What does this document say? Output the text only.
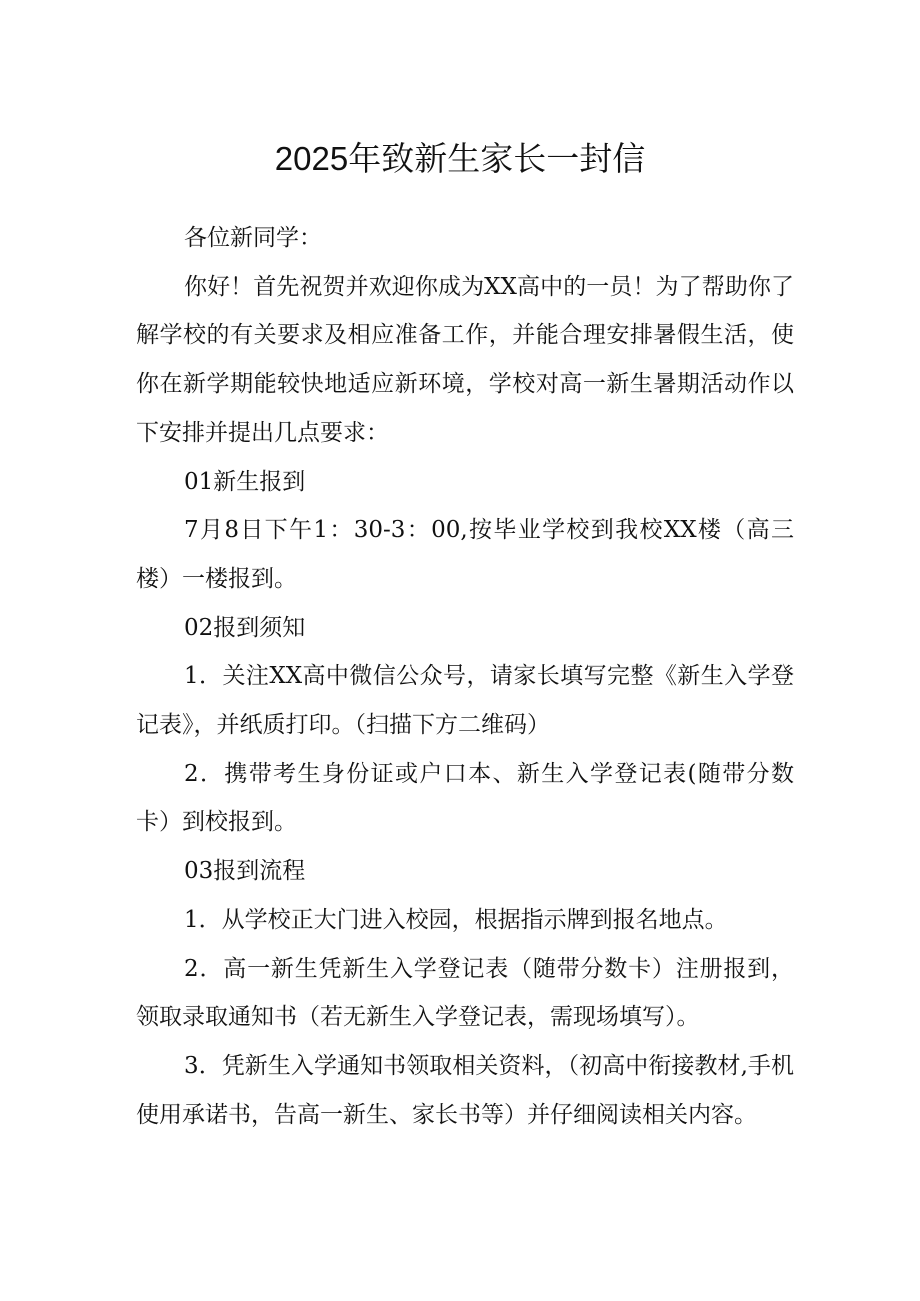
2025年致新生家长一封信

各位新同学：

你好！首先祝贺并欢迎你成为XX高中的一员！为了帮助你了解学校的有关要求及相应准备工作，并能合理安排暑假生活，使你在新学期能较快地适应新环境，学校对高一新生暑期活动作以下安排并提出几点要求：

01新生报到

7月8日下午1：30-3：00,按毕业学校到我校XX楼（高三楼）一楼报到。

02报到须知

1．关注XX高中微信公众号，请家长填写完整《新生入学登记表》，并纸质打印。（扫描下方二维码）

2．携带考生身份证或户口本、新生入学登记表(随带分数卡）到校报到。

03报到流程

1．从学校正大门进入校园，根据指示牌到报名地点。

2．高一新生凭新生入学登记表（随带分数卡）注册报到，领取录取通知书（若无新生入学登记表，需现场填写）。

3．凭新生入学通知书领取相关资料，（初高中衔接教材,手机使用承诺书，告高一新生、家长书等）并仔细阅读相关内容。
